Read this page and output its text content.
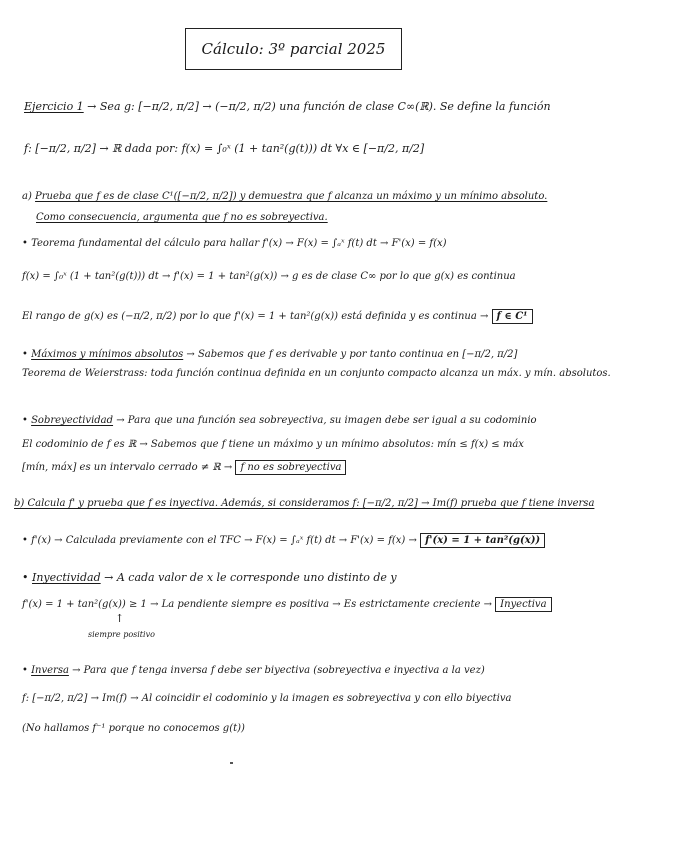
Cálculo: 3º parcial 2025
Ejercicio 1 → Sea g: [−π/2, π/2] → (−π/2, π/2) una función de clase C∞(ℝ). Se define la función
f: [−π/2, π/2] → ℝ dada por: f(x) = ∫₀ˣ (1 + tan²(g(t))) dt ∀x ∈ [−π/2, π/2]
a) Prueba que f es de clase C¹([−π/2, π/2]) y demuestra que f alcanza un máximo y un mínimo absoluto.
Como consecuencia, argumenta que f no es sobreyectiva.
• Teorema fundamental del cálculo para hallar f'(x) → F(x) = ∫ₐˣ f(t) dt → F'(x) = f(x)
f(x) = ∫₀ˣ (1 + tan²(g(t))) dt → f'(x) = 1 + tan²(g(x)) → g es de clase C∞ por lo que g(x) es continua
El rango de g(x) es (−π/2, π/2) por lo que f'(x) = 1 + tan²(g(x)) está definida y es continua → f ∈ C¹
• Máximos y mínimos absolutos → Sabemos que f es derivable y por tanto continua en [−π/2, π/2]
Teorema de Weierstrass: toda función continua definida en un conjunto compacto alcanza un máx. y mín. absolutos.
• Sobreyectividad → Para que una función sea sobreyectiva, su imagen debe ser igual a su codominio
El codominio de f es ℝ → Sabemos que f tiene un máximo y un mínimo absolutos: mín ≤ f(x) ≤ máx
[mín, máx] es un intervalo cerrado ≠ ℝ → f no es sobreyectiva
b) Calcula f' y prueba que f es inyectiva. Además, si consideramos f: [−π/2, π/2] → Im(f) prueba que f tiene inversa
• f'(x) → Calculada previamente con el TFC → F(x) = ∫ₐˣ f(t) dt → F'(x) = f(x) → f'(x) = 1 + tan²(g(x))
• Inyectividad → A cada valor de x le corresponde uno distinto de y
f'(x) = 1 + tan²(g(x)) ≥ 1 → La pendiente siempre es positiva → Es estrictamente creciente → Inyectiva
↑
siempre positivo
• Inversa → Para que f tenga inversa f debe ser biyectiva (sobreyectiva e inyectiva a la vez)
f: [−π/2, π/2] → Im(f) → Al coincidir el codominio y la imagen es sobreyectiva y con ello biyectiva
(No hallamos f⁻¹ porque no conocemos g(t))
